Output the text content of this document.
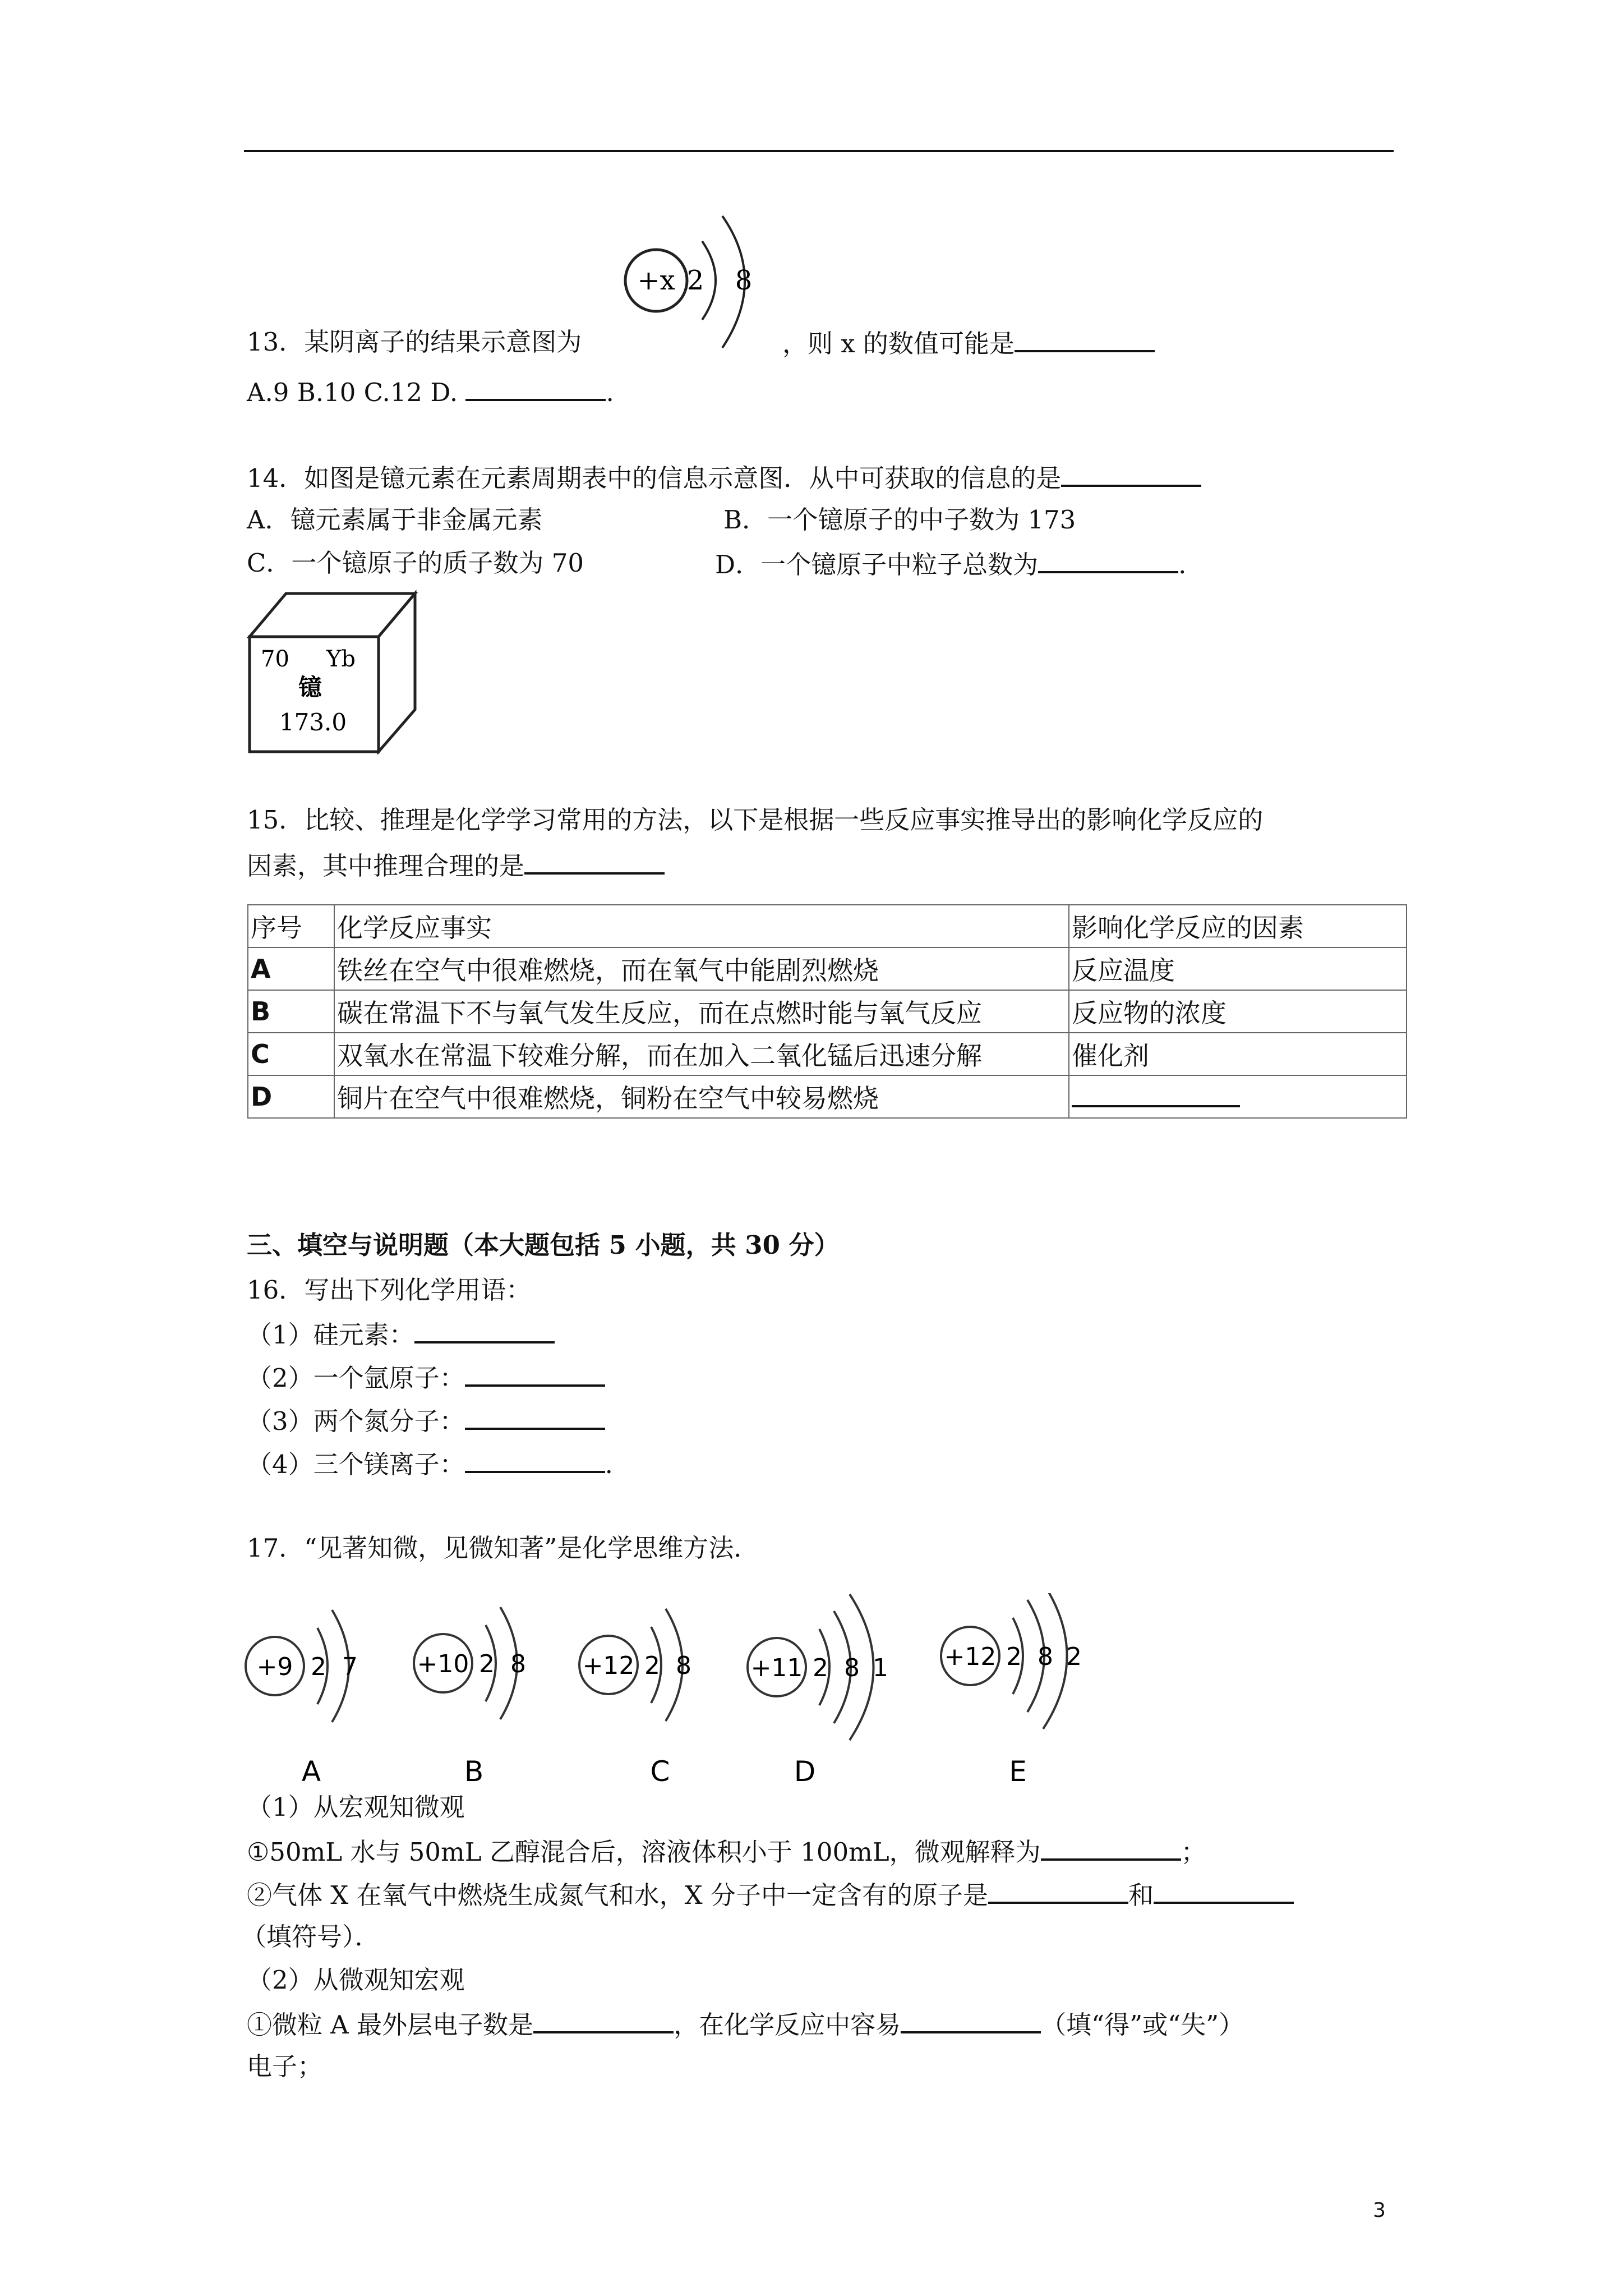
+x 2 8
13．某阴离子的结果示意图为	，则 x 的数值可能是
A.9 B.10 C.12 D.	.
14．如图是镱元素在元素周期表中的信息示意图．从中可获取的信息的是
A．镱元素属于非金属元素	B．一个镱原子的中子数为 173
C．一个镱原子的质子数为 70	D．一个镱原子中粒子总数为	.
70 Yb
镱
173.0
15．比较、推理是化学学习常用的方法，以下是根据一些反应事实推导出的影响化学反应的
因素，其中推理合理的是
序号	化学反应事实	影响化学反应的因素
A	铁丝在空气中很难燃烧，而在氧气中能剧烈燃烧	反应温度
B	碳在常温下不与氧气发生反应，而在点燃时能与氧气反应	反应物的浓度
C	双氧水在常温下较难分解，而在加入二氧化锰后迅速分解	催化剂
D	铜片在空气中很难燃烧，铜粉在空气中较易燃烧	
三、填空与说明题（本大题包括 5 小题，共 30 分）
16．写出下列化学用语：
（1）硅元素：
（2）一个氩原子：
（3）两个氮分子：
（4）三个镁离子：	.
17．“见著知微，见微知著”是化学思维方法．
+9 2 7
A
+10 2 8
B
+12 2 8
C
+11 2 8 1
D
+12 2 8 2
E
（1）从宏观知微观
①50mL 水与 50mL 乙醇混合后，溶液体积小于 100mL，微观解释为	；
②气体 X 在氧气中燃烧生成氮气和水，X 分子中一定含有的原子是	和
（填符号）．
（2）从微观知宏观
①微粒 A 最外层电子数是	，在化学反应中容易	（填“得”或“失”）
电子；
3
